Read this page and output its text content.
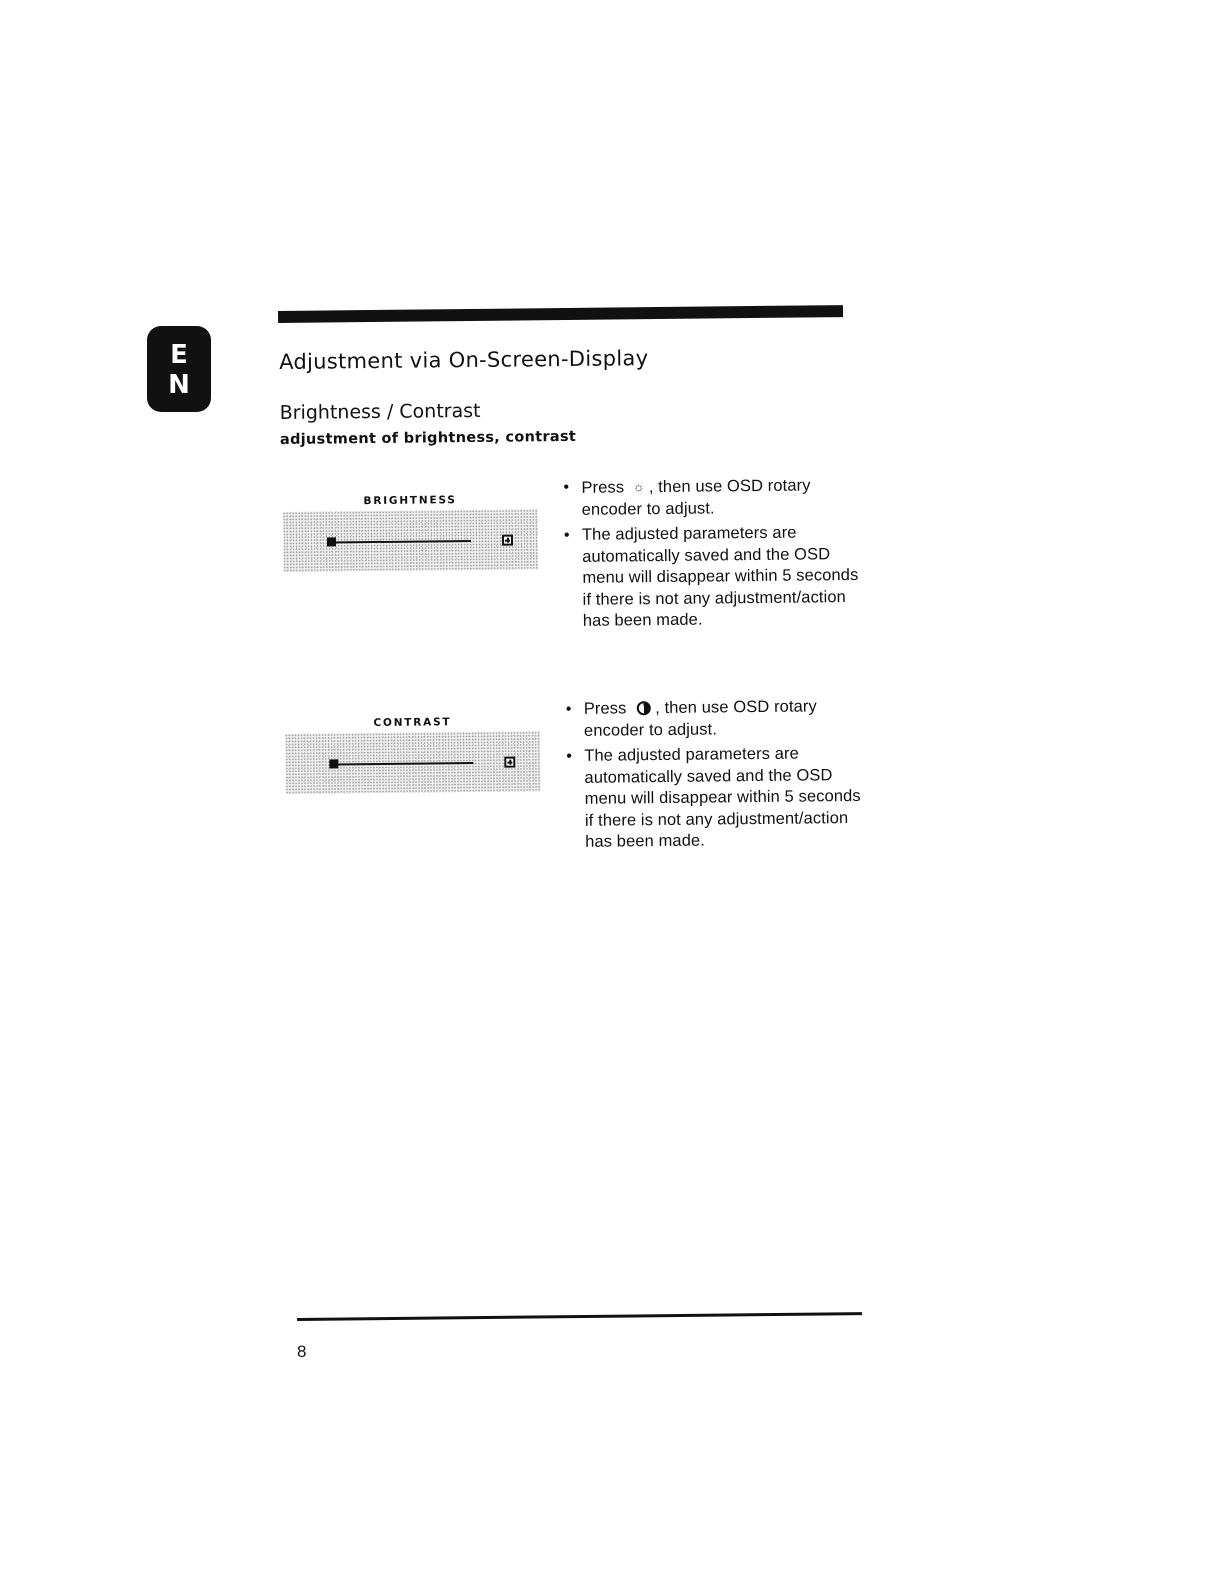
E
N
Adjustment via On-Screen-Display
Brightness / Contrast

adjustment of brightness, contrast

BRIGHTNESS
• Press ☼ , then use OSD rotary encoder to adjust.
• The adjusted parameters are automatically saved and the OSD menu will disappear within 5 seconds if there is not any adjustment/action has been made.
CONTRAST
• Press , then use OSD rotary encoder to adjust.
• The adjusted parameters are automatically saved and the OSD menu will disappear within 5 seconds if there is not any adjustment/action has been made.
8
